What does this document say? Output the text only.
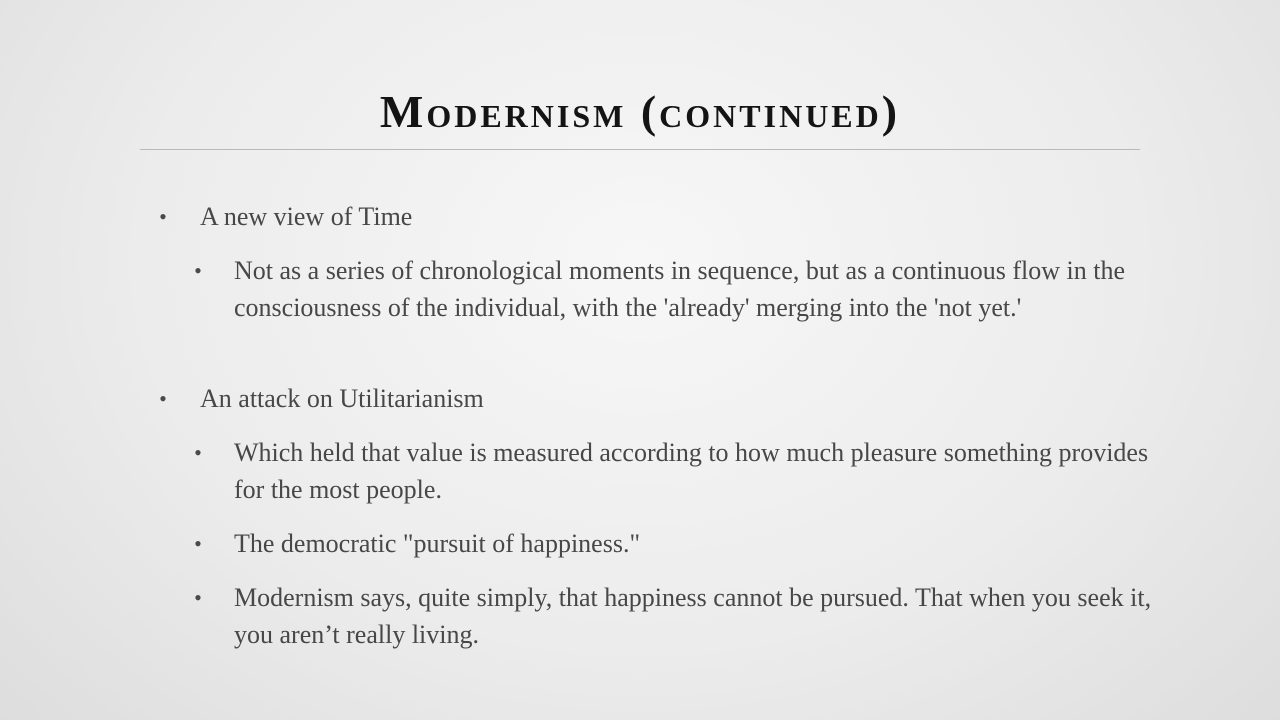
Modernism (continued)
• A new view of Time
• Not as a series of chronological moments in sequence, but as a continuous flow in the consciousness of the individual, with the 'already' merging into the 'not yet.'
• An attack on Utilitarianism
• Which held that value is measured according to how much pleasure something provides for the most people.
• The democratic "pursuit of happiness."
• Modernism says, quite simply, that happiness cannot be pursued. That when you seek it, you aren’t really living.
